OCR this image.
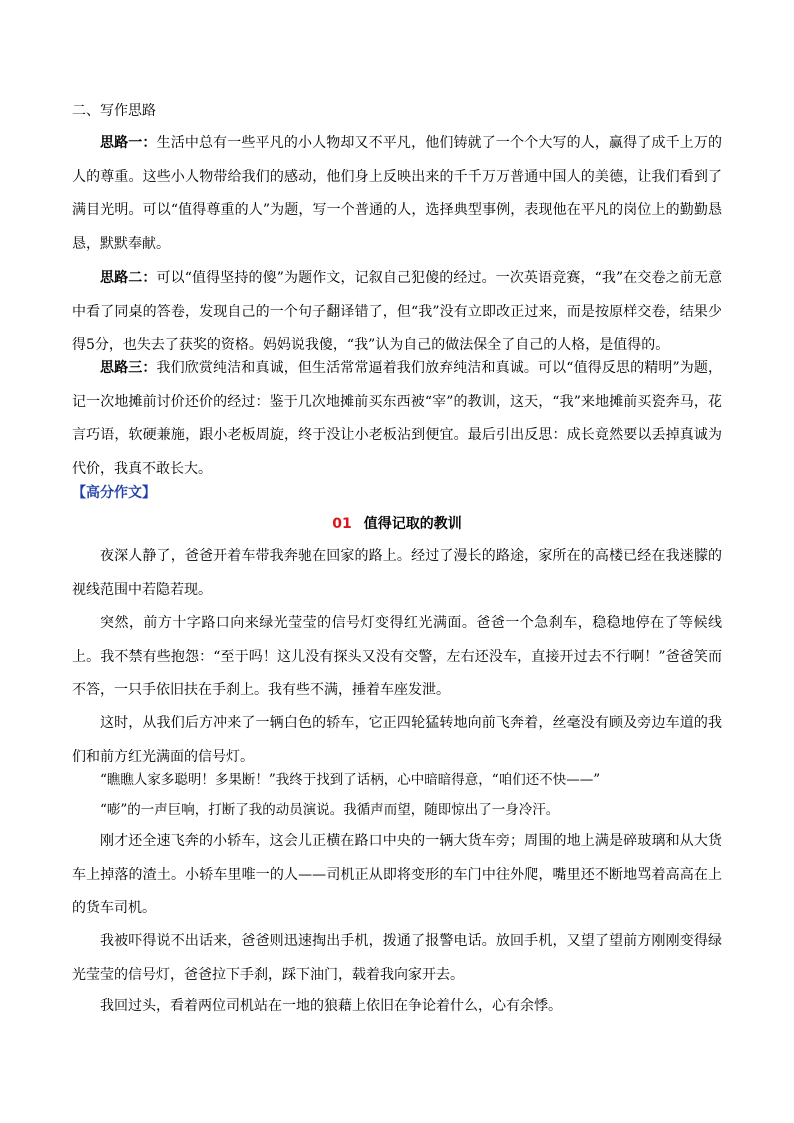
二、写作思路

思路一：生活中总有一些平凡的小人物却又不平凡，他们铸就了一个个大写的人，赢得了成千上万的人的尊重。这些小人物带给我们的感动，他们身上反映出来的千千万万普通中国人的美德，让我们看到了满目光明。可以“值得尊重的人”为题，写一个普通的人，选择典型事例，表现他在平凡的岗位上的勤勤恳恳，默默奉献。

思路二：可以“值得坚持的傻”为题作文，记叙自己犯傻的经过。一次英语竞赛，“我”在交卷之前无意中看了同桌的答卷，发现自己的一个句子翻译错了，但“我”没有立即改正过来，而是按原样交卷，结果少得5分，也失去了获奖的资格。妈妈说我傻，“我”认为自己的做法保全了自己的人格，是值得的。

思路三：我们欣赏纯洁和真诚，但生活常常逼着我们放弃纯洁和真诚。可以“值得反思的精明”为题，记一次地摊前讨价还价的经过：鉴于几次地摊前买东西被“宰”的教训，这天，“我”来地摊前买瓷奔马，花言巧语，软硬兼施，跟小老板周旋，终于没让小老板沾到便宜。最后引出反思：成长竟然要以丢掉真诚为代价，我真不敢长大。

【高分作文】

01 值得记取的教训

夜深人静了，爸爸开着车带我奔驰在回家的路上。经过了漫长的路途，家所在的高楼已经在我迷朦的视线范围中若隐若现。

突然，前方十字路口向来绿光莹莹的信号灯变得红光满面。爸爸一个急刹车，稳稳地停在了等候线上。我不禁有些抱怨：“至于吗！这儿没有探头又没有交警，左右还没车，直接开过去不行啊！”爸爸笑而不答，一只手依旧扶在手刹上。我有些不满，捶着车座发泄。

这时，从我们后方冲来了一辆白色的轿车，它正四轮猛转地向前飞奔着，丝毫没有顾及旁边车道的我们和前方红光满面的信号灯。

“瞧瞧人家多聪明！多果断！”我终于找到了话柄，心中暗暗得意，“咱们还不快——”

“嘭”的一声巨响，打断了我的动员演说。我循声而望，随即惊出了一身冷汗。

刚才还全速飞奔的小轿车，这会儿正横在路口中央的一辆大货车旁；周围的地上满是碎玻璃和从大货车上掉落的渣土。小轿车里唯一的人——司机正从即将变形的车门中往外爬，嘴里还不断地骂着高高在上的货车司机。

我被吓得说不出话来，爸爸则迅速掏出手机，拨通了报警电话。放回手机，又望了望前方刚刚变得绿光莹莹的信号灯，爸爸拉下手刹，踩下油门，载着我向家开去。

我回过头，看着两位司机站在一地的狼藉上依旧在争论着什么，心有余悸。
